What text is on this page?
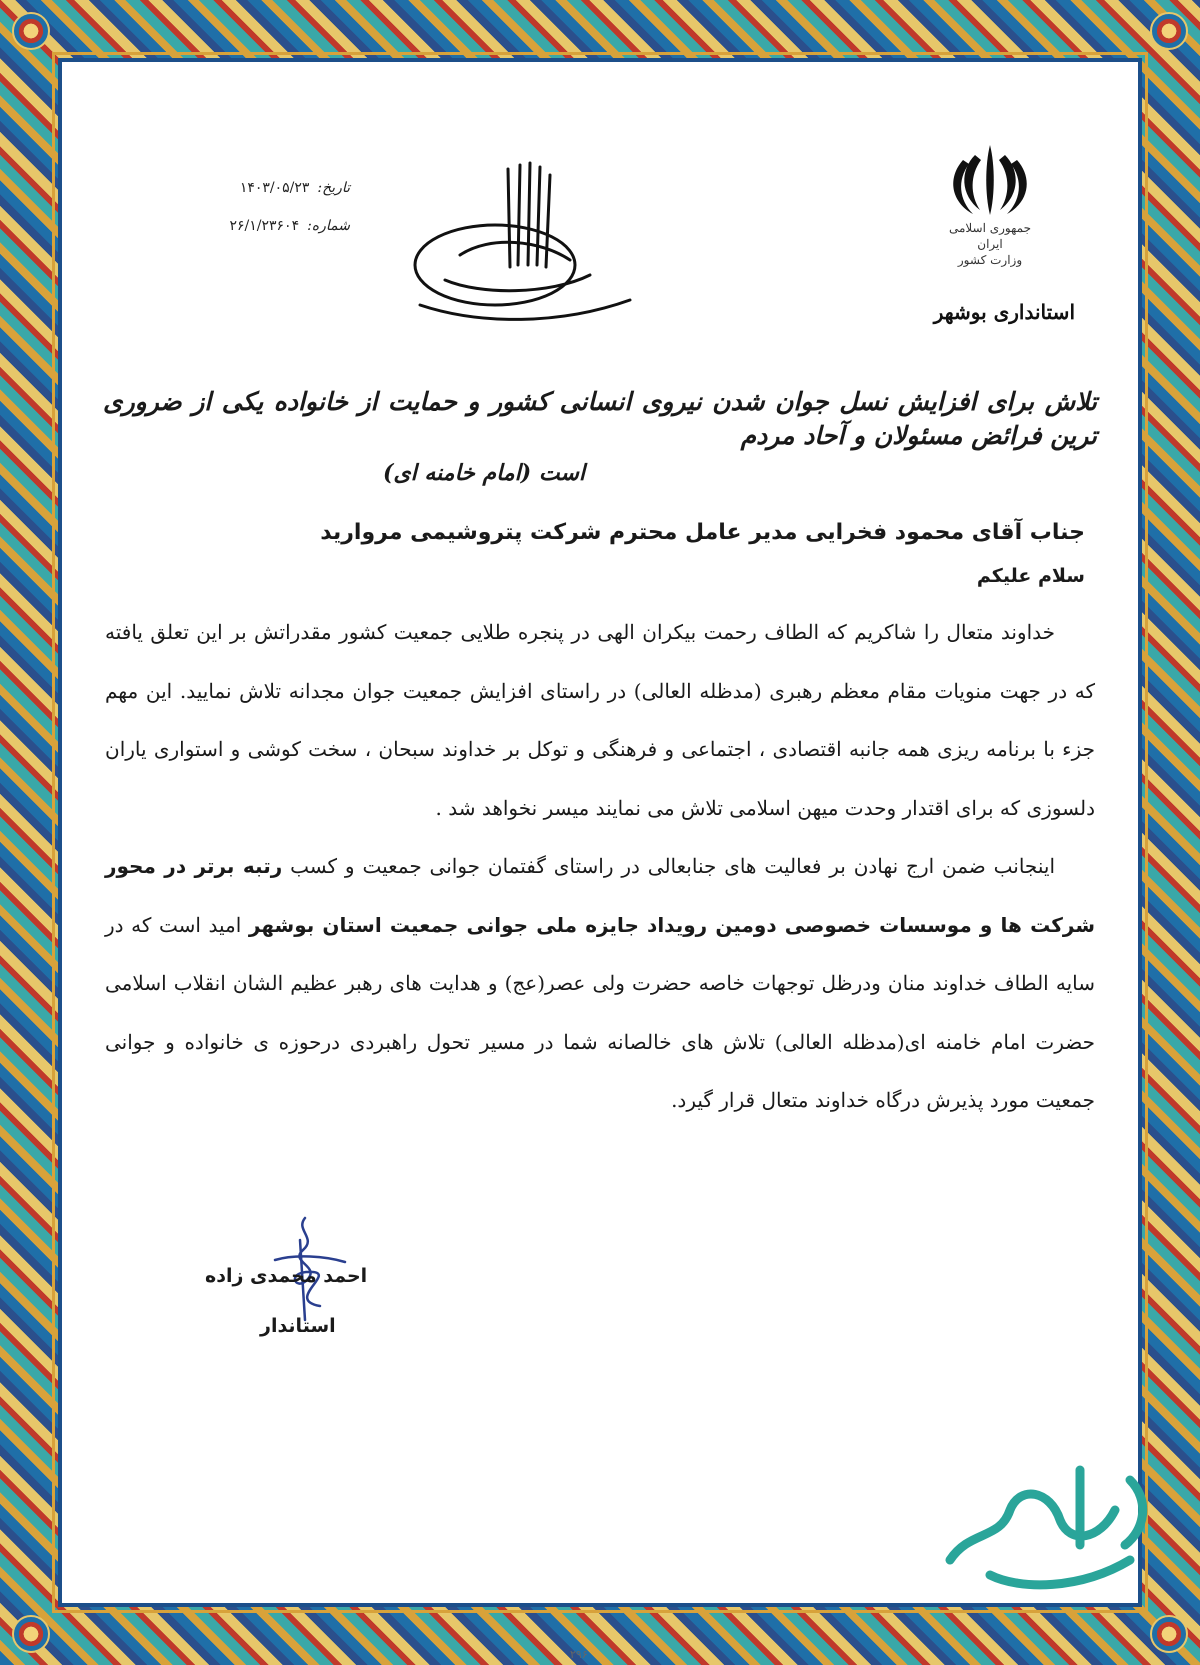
جمهوری اسلامی ایران
وزارت کشور
استانداری بوشهر
تاریخ:
۱۴۰۳/۰۵/۲۳
شماره:
۲۶/۱/۲۳۶۰۴
تلاش برای افزایش نسل جوان شدن نیروی انسانی کشور و حمایت از خانواده یکی از ضروری ترین فرائض مسئولان و آحاد مردم
است (امام خامنه ای)
جناب آقای محمود فخرایی مدیر عامل محترم شرکت پتروشیمی مروارید
سلام علیکم

خداوند متعال را شاکریم که الطاف رحمت بیکران الهی در پنجره طلایی جمعیت کشور مقدراتش بر این تعلق یافته که در جهت منویات مقام معظم رهبری (مدظله العالی) در راستای افزایش جمعیت جوان مجدانه تلاش نمایید. این مهم جزء با برنامه ریزی همه جانبه اقتصادی ، اجتماعی و فرهنگی و توکل بر خداوند سبحان ، سخت کوشی و استواری یاران دلسوزی که برای اقتدار وحدت میهن اسلامی تلاش می نمایند میسر نخواهد شد .

اینجانب ضمن ارج نهادن بر فعالیت های جنابعالی در راستای گفتمان جوانی جمعیت و کسب رتبه برتر در محور شرکت ها و موسسات خصوصی دومین رویداد جایزه ملی جوانی جمعیت استان بوشهر امید است که در سایه الطاف خداوند منان ودرظل توجهات خاصه حضرت ولی عصر(عج) و هدایت های رهبر عظیم الشان انقلاب اسلامی حضرت امام خامنه ای(مدظله العالی) تلاش های خالصانه شما در مسیر تحول راهبردی درحوزه ی خانواده و جوانی جمعیت مورد پذیرش درگاه خداوند متعال قرار گیرد.

احمد محمدی زاده
استاندار
۲۹۶
